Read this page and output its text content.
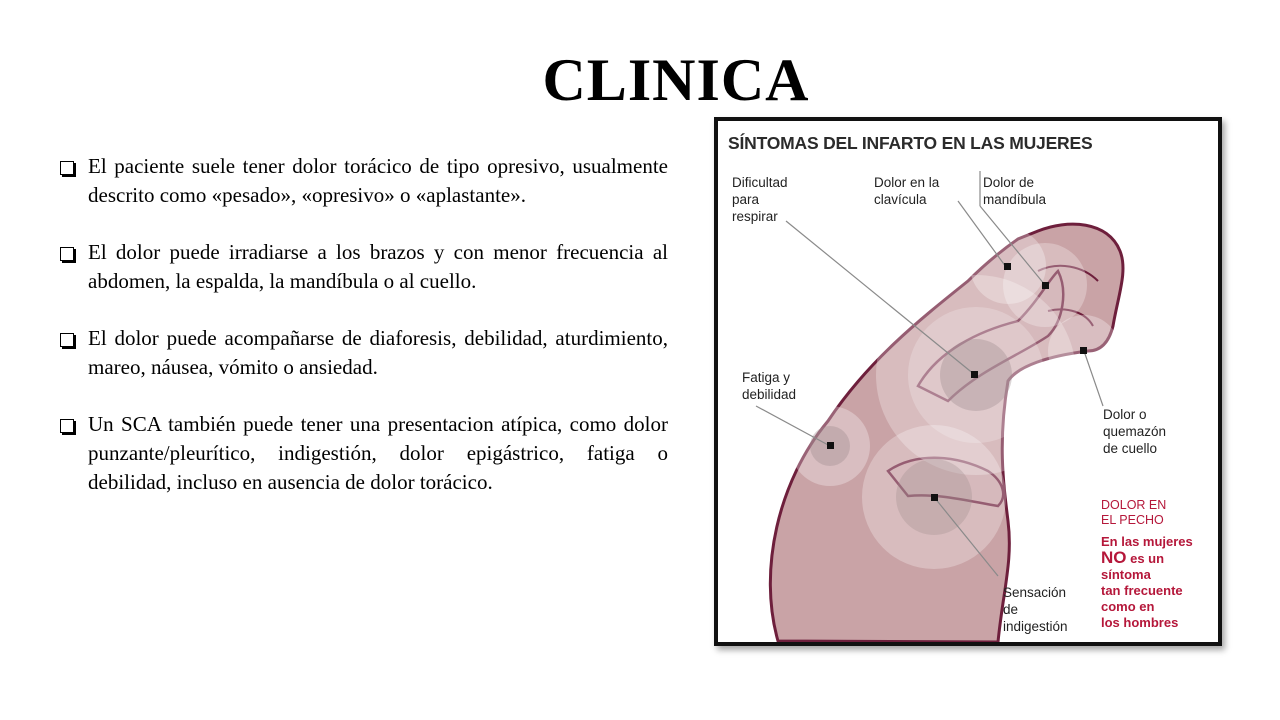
CLINICA
El paciente suele tener dolor torácico de tipo opresivo, usualmente descrito como «pesado», «opresivo» o «aplastante».
El dolor puede irradiarse a los brazos y con menor frecuencia al abdomen, la espalda, la mandíbula o al cuello.
El dolor puede acompañarse de diaforesis, debilidad, aturdimiento, mareo, náusea, vómito o ansiedad.
Un SCA también puede tener una presentacion atípica, como dolor punzante/pleurítico, indigestión, dolor epigástrico, fatiga o debilidad, incluso en ausencia de dolor torácico.
SÍNTOMAS DEL INFARTO EN LAS MUJERES
Dificultad
para
respirar
Dolor en la
clavícula
Dolor de
mandíbula
Fatiga y
debilidad
Dolor o
quemazón
de cuello
Sensación
de
indigestión
DOLOR EN
EL PECHO
En las mujeres
NO es un
síntoma
tan frecuente
como en
los hombres
